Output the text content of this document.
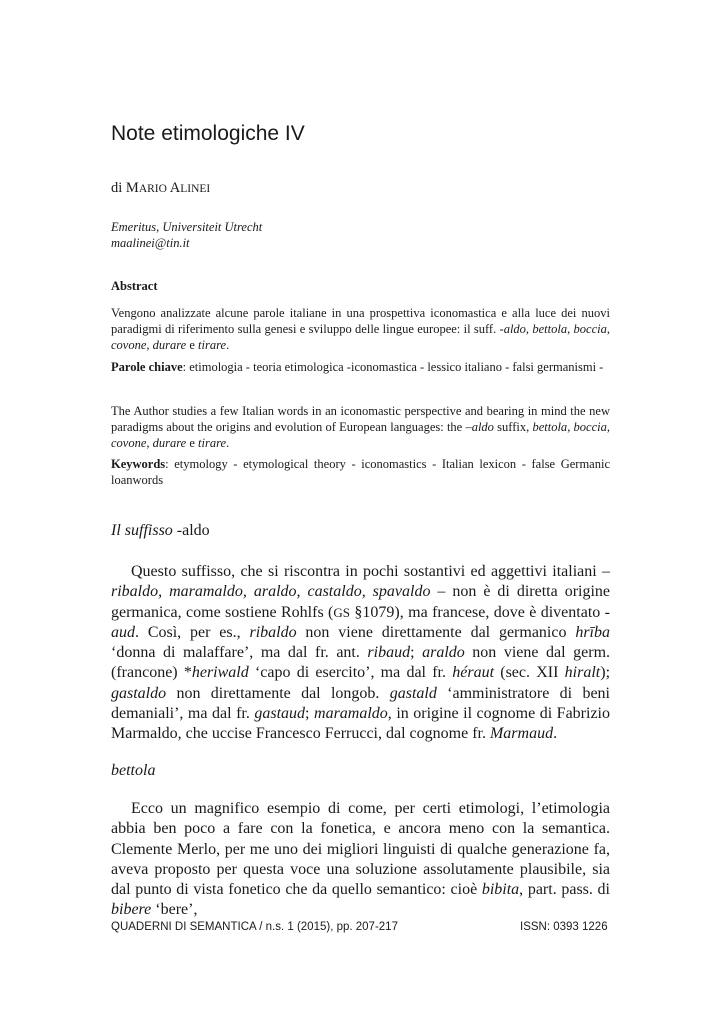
Note etimologiche IV
di MARIO ALINEI
Emeritus, Universiteit Utrecht
maalinei@tin.it
Abstract
Vengono analizzate alcune parole italiane in una prospettiva iconomastica e alla luce dei nuovi paradigmi di riferimento sulla genesi e sviluppo delle lingue europee: il suff. -aldo, bettola, boccia, covone, durare e tirare.
Parole chiave: etimologia - teoria etimologica -iconomastica - lessico italiano - falsi germanismi -
The Author studies a few Italian words in an iconomastic perspective and bearing in mind the new paradigms about the origins and evolution of European languages: the –aldo suffix, bettola, boccia, covone, durare e tirare.
Keywords: etymology - etymological theory - iconomastics - Italian lexicon - false Germanic loanwords
Il suffisso -aldo
Questo suffisso, che si riscontra in pochi sostantivi ed aggettivi italiani – ribaldo, maramaldo, araldo, castaldo, spavaldo – non è di diretta origine germanica, come sostiene Rohlfs (GS §1079), ma francese, dove è diventato -aud. Così, per es., ribaldo non viene direttamente dal germanico hrība ‘donna di malaffare’, ma dal fr. ant. ribaud; araldo non viene dal germ. (francone) *heriwald ‘capo di esercito’, ma dal fr. héraut (sec. XII hiralt); gastaldo non direttamente dal longob. gastald ‘amministratore di beni demaniali’, ma dal fr. gastaud; maramaldo, in origine il cognome di Fabrizio Marmaldo, che uccise Francesco Ferrucci, dal cognome fr. Marmaud.
bettola
Ecco un magnifico esempio di come, per certi etimologi, l’etimologia abbia ben poco a fare con la fonetica, e ancora meno con la semantica. Clemente Merlo, per me uno dei migliori linguisti di qualche generazione fa, aveva proposto per questa voce una soluzione assolutamente plausibile, sia dal punto di vista fonetico che da quello semantico: cioè bibita, part. pass. di bibere ‘bere’,
QUADERNI DI SEMANTICA / n.s. 1 (2015), pp. 207-217	ISSN: 0393 1226
